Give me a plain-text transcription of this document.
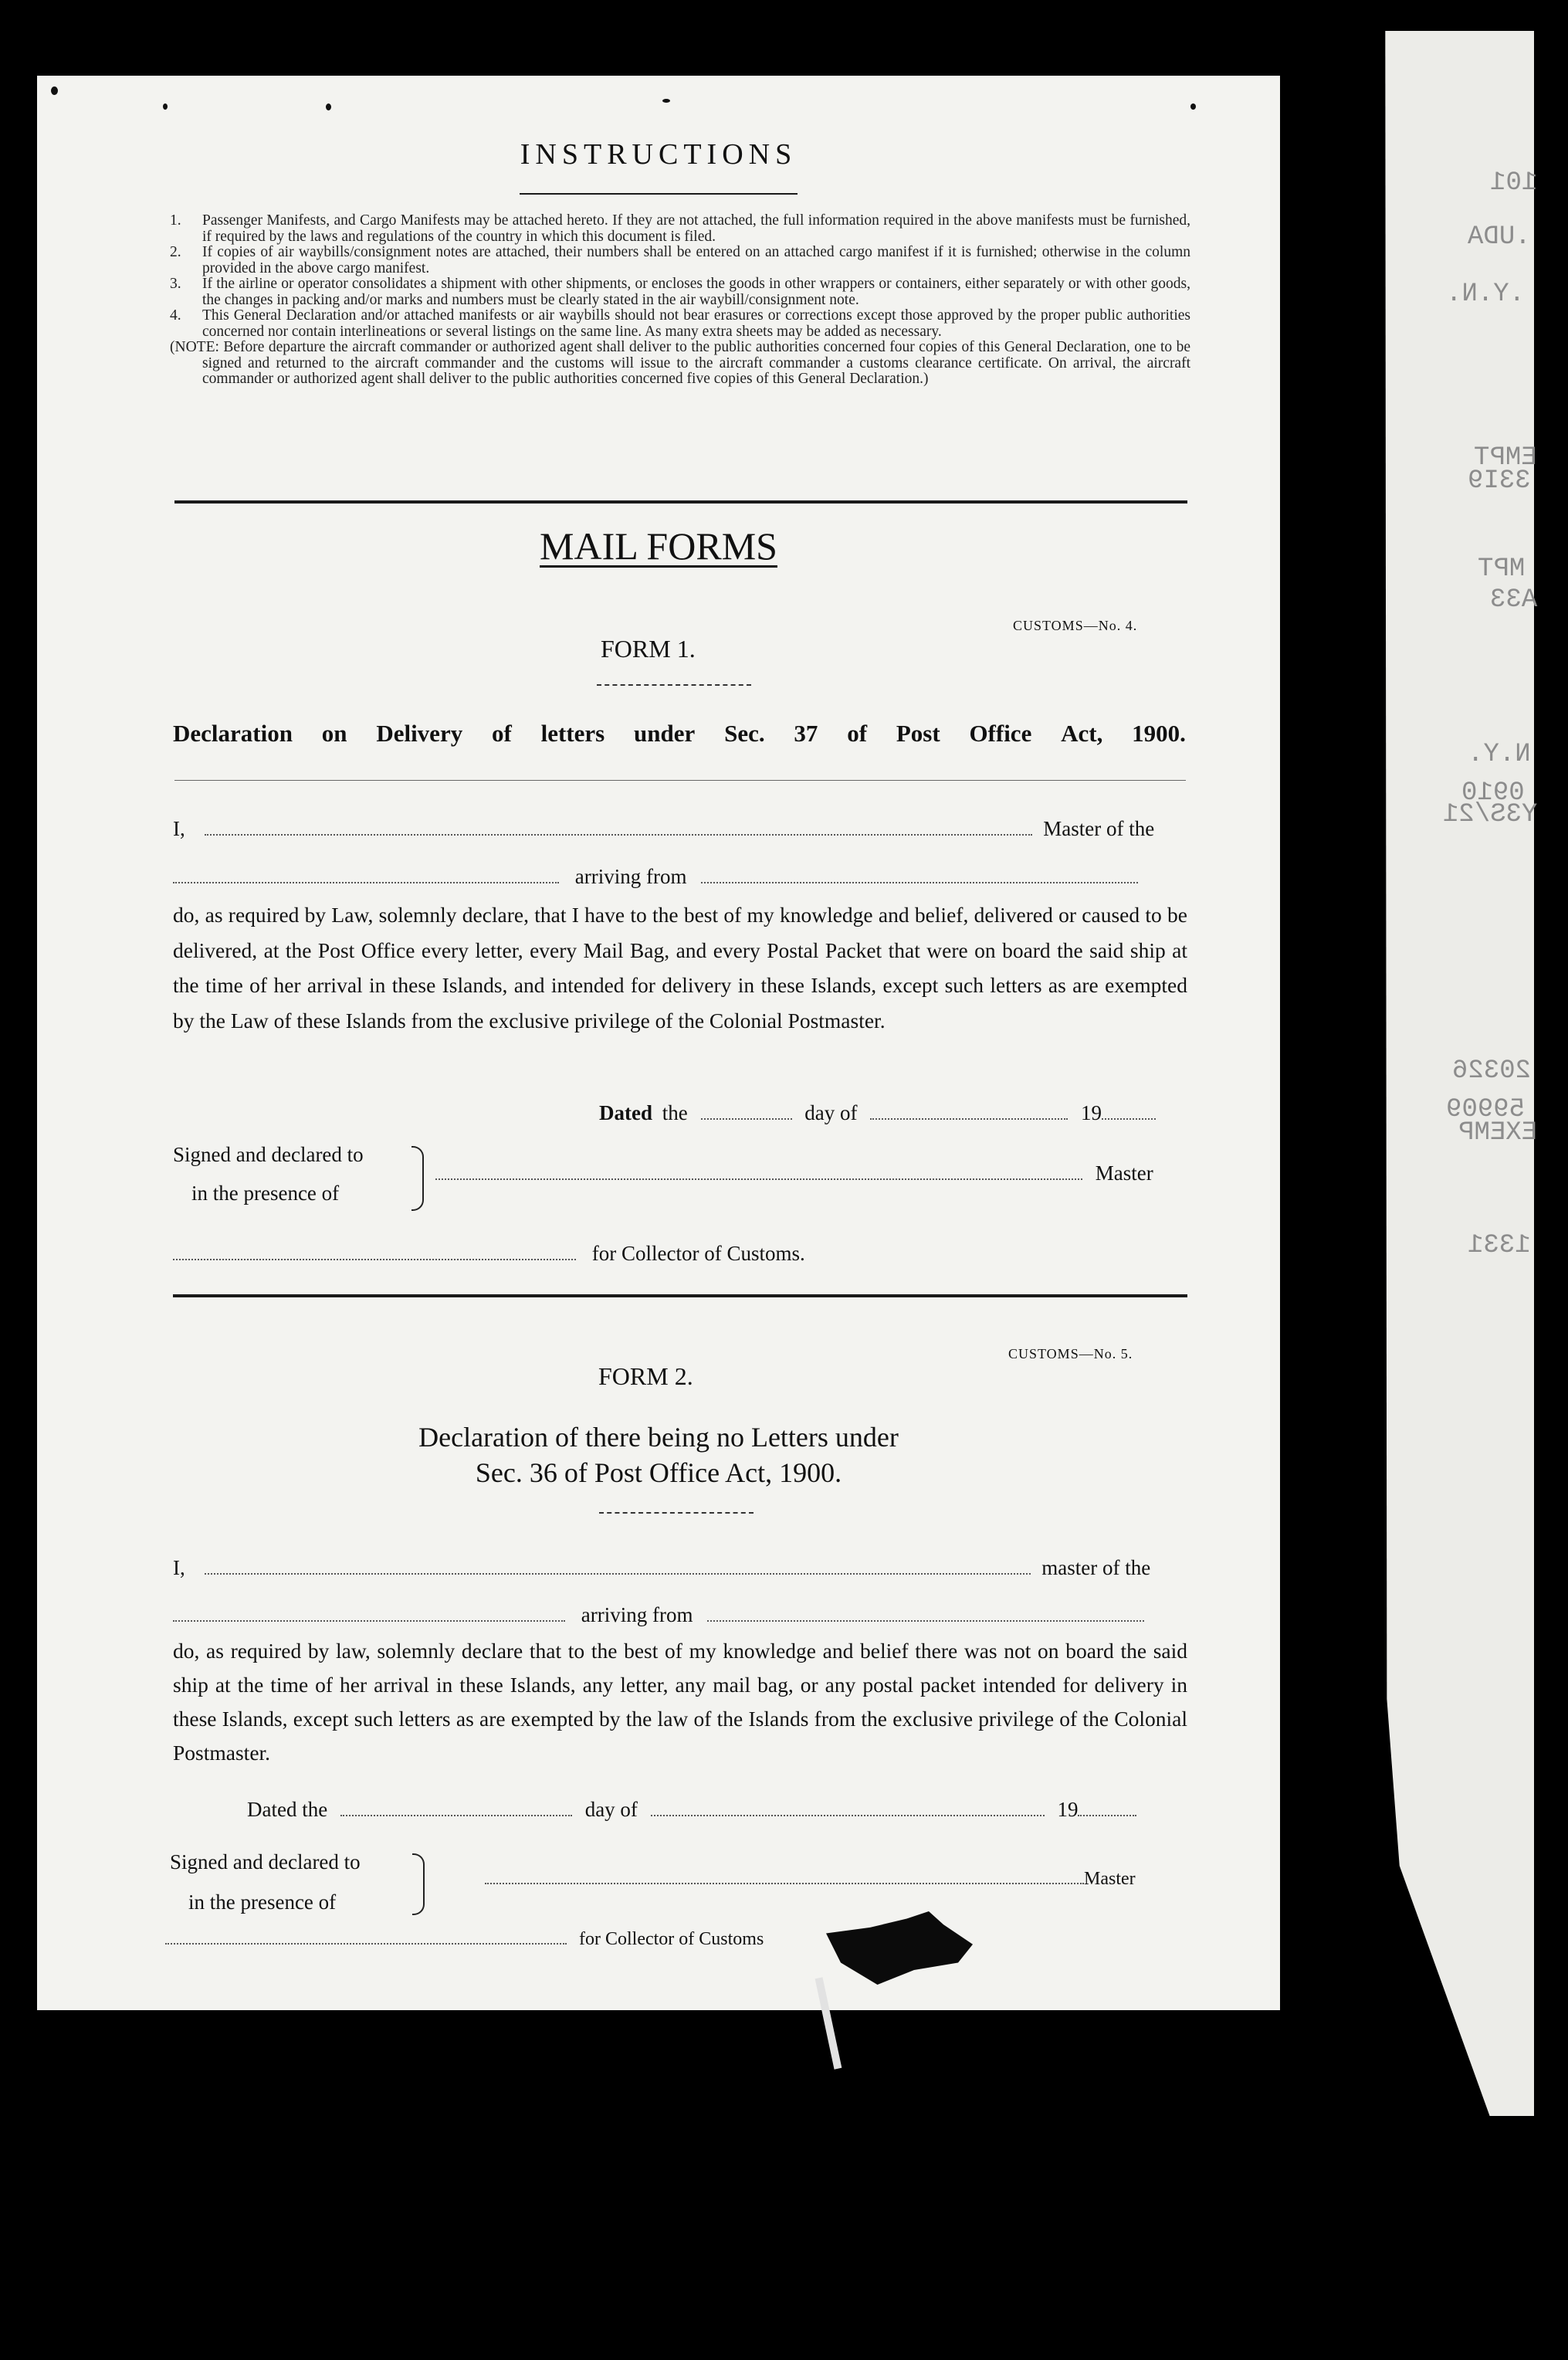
101
.UDA
.Y.N.
EMPT
33I9
MPT
A33
N.Y.
0910
Y3S/21
20326
59909
EXEMP
1331
INSTRUCTIONS

1. Passenger Manifests, and Cargo Manifests may be attached hereto. If they are not attached, the full information required in the above manifests must be furnished, if required by the laws and regulations of the country in which this document is filed.

2. If copies of air waybills/consignment notes are attached, their numbers shall be entered on an attached cargo manifest if it is furnished; otherwise in the column provided in the above cargo manifest.

3. If the airline or operator consolidates a shipment with other shipments, or encloses the goods in other wrappers or containers, either separately or with other goods, the changes in packing and/or marks and numbers must be clearly stated in the air waybill/consignment note.

4. This General Declaration and/or attached manifests or air waybills should not bear erasures or corrections except those approved by the proper public authorities concerned nor contain interlineations or several listings on the same line. As many extra sheets may be added as necessary.

(NOTE: Before departure the aircraft commander or authorized agent shall deliver to the public authorities concerned four copies of this General Declaration, one to be signed and returned to the aircraft commander and the customs will issue to the aircraft commander a customs clearance certificate. On arrival, the aircraft commander or authorized agent shall deliver to the public authorities concerned five copies of this General Declaration.)

MAIL FORMS
CUSTOMS—No. 4.
FORM 1.
Declaration on Delivery of letters under Sec. 37 of Post Office Act, 1900.
I,	Master of the
arriving from
do, as required by Law, solemnly declare, that I have to the best of my knowledge and belief, delivered or caused to be delivered, at the Post Office every letter, every Mail Bag, and every Postal Packet that were on board the said ship at the time of her arrival in these Islands, and intended for delivery in these Islands, except such letters as are exempted by the Law of these Islands from the exclusive privilege of the Colonial Postmaster.
Dated the	day of	19
Signed and declared to
in the presence of
Master
for Collector of Customs.
CUSTOMS—No. 5.
FORM 2.
Declaration of there being no Letters under
Sec. 36 of Post Office Act, 1900.
I,	master of the
arriving from
do, as required by law, solemnly declare that to the best of my knowledge and belief there was not on board the said ship at the time of her arrival in these Islands, any letter, any mail bag, or any postal packet intended for delivery in these Islands, except such letters as are exempted by the law of the Islands from the exclusive privilege of the Colonial Postmaster.
Dated the	day of	19
Signed and declared to
in the presence of
Master
for Collector of Customs
